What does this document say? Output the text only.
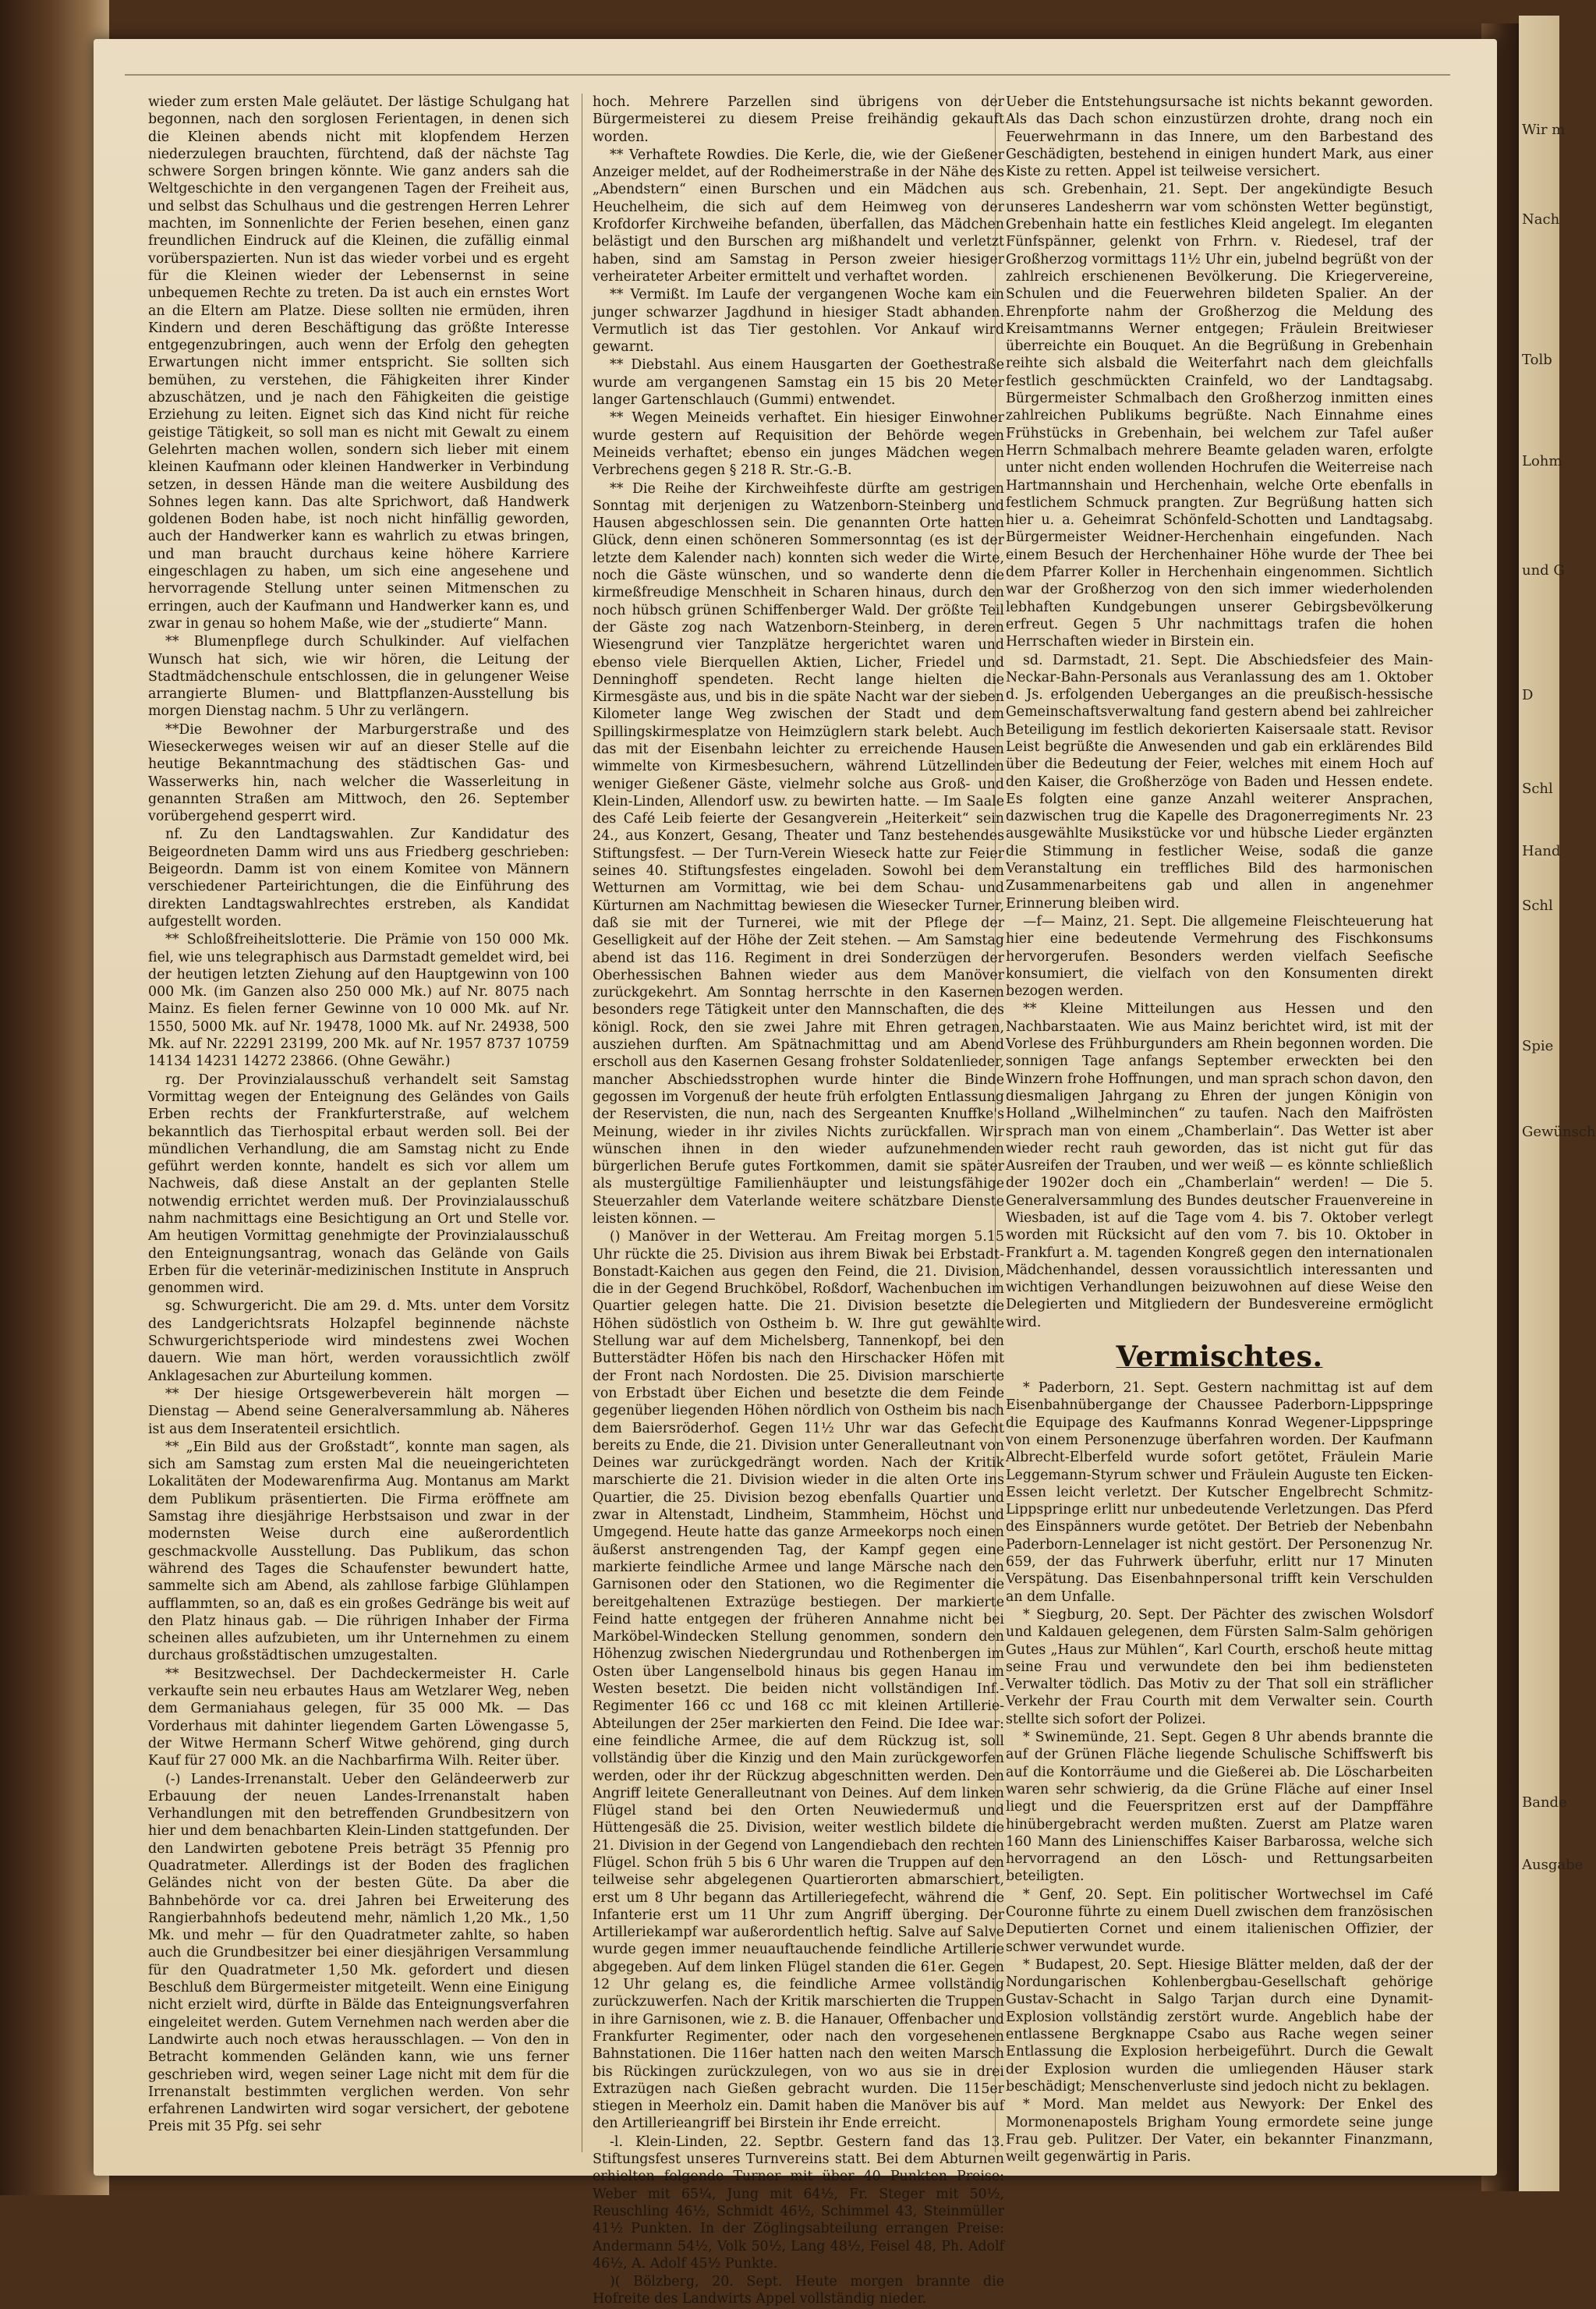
Wir m
Nach
Tolb
Lohm
und G
D
Schl
Hand
Schl
Spie
Gewünsch
Bande
Ausgabe

wieder zum ersten Male geläutet. Der lästige Schulgang hat begonnen, nach den sorglosen Ferientagen, in denen sich die Kleinen abends nicht mit klopfendem Herzen niederzulegen brauchten, fürchtend, daß der nächste Tag schwere Sorgen bringen könnte. Wie ganz anders sah die Weltgeschichte in den vergangenen Tagen der Freiheit aus, und selbst das Schulhaus und die gestrengen Herren Lehrer machten, im Sonnenlichte der Ferien besehen, einen ganz freundlichen Eindruck auf die Kleinen, die zufällig einmal vorüberspazierten. Nun ist das wieder vorbei und es ergeht für die Kleinen wieder der Lebensernst in seine unbequemen Rechte zu treten. Da ist auch ein ernstes Wort an die Eltern am Platze. Diese sollten nie ermüden, ihren Kindern und deren Beschäftigung das größte Interesse entgegenzubringen, auch wenn der Erfolg den gehegten Erwartungen nicht immer entspricht. Sie sollten sich bemühen, zu verstehen, die Fähigkeiten ihrer Kinder abzuschätzen, und je nach den Fähigkeiten die geistige Erziehung zu leiten. Eignet sich das Kind nicht für reiche geistige Tätigkeit, so soll man es nicht mit Gewalt zu einem Gelehrten machen wollen, sondern sich lieber mit einem kleinen Kaufmann oder kleinen Handwerker in Verbindung setzen, in dessen Hände man die weitere Ausbildung des Sohnes legen kann. Das alte Sprichwort, daß Handwerk goldenen Boden habe, ist noch nicht hinfällig geworden, auch der Handwerker kann es wahrlich zu etwas bringen, und man braucht durchaus keine höhere Karriere eingeschlagen zu haben, um sich eine angesehene und hervorragende Stellung unter seinen Mitmenschen zu erringen, auch der Kaufmann und Handwerker kann es, und zwar in genau so hohem Maße, wie der „studierte“ Mann.

** Blumenpflege durch Schulkinder. Auf vielfachen Wunsch hat sich, wie wir hören, die Leitung der Stadtmädchenschule entschlossen, die in gelungener Weise arrangierte Blumen- und Blattpflanzen-Ausstellung bis morgen Dienstag nachm. 5 Uhr zu verlängern.

**Die Bewohner der Marburgerstraße und des Wieseckerweges weisen wir auf an dieser Stelle auf die heutige Bekanntmachung des städtischen Gas- und Wasserwerks hin, nach welcher die Wasserleitung in genannten Straßen am Mittwoch, den 26. September vorübergehend gesperrt wird.

nf. Zu den Landtagswahlen. Zur Kandidatur des Beigeordneten Damm wird uns aus Friedberg geschrieben: Beigeordn. Damm ist von einem Komitee von Männern verschiedener Parteirichtungen, die die Einführung des direkten Landtagswahlrechtes erstreben, als Kandidat aufgestellt worden.

** Schloßfreiheitslotterie. Die Prämie von 150 000 Mk. fiel, wie uns telegraphisch aus Darmstadt gemeldet wird, bei der heutigen letzten Ziehung auf den Hauptgewinn von 100 000 Mk. (im Ganzen also 250 000 Mk.) auf Nr. 8075 nach Mainz. Es fielen ferner Gewinne von 10 000 Mk. auf Nr. 1550, 5000 Mk. auf Nr. 19478, 1000 Mk. auf Nr. 24938, 500 Mk. auf Nr. 22291 23199, 200 Mk. auf Nr. 1957 8737 10759 14134 14231 14272 23866. (Ohne Gewähr.)

rg. Der Provinzialausschuß verhandelt seit Samstag Vormittag wegen der Enteignung des Geländes von Gails Erben rechts der Frankfurterstraße, auf welchem bekanntlich das Tierhospital erbaut werden soll. Bei der mündlichen Verhandlung, die am Samstag nicht zu Ende geführt werden konnte, handelt es sich vor allem um Nachweis, daß diese Anstalt an der geplanten Stelle notwendig errichtet werden muß. Der Provinzialausschuß nahm nachmittags eine Besichtigung an Ort und Stelle vor. Am heutigen Vormittag genehmigte der Provinzialausschuß den Enteignungsantrag, wonach das Gelände von Gails Erben für die veterinär-medizinischen Institute in Anspruch genommen wird.

sg. Schwurgericht. Die am 29. d. Mts. unter dem Vorsitz des Landgerichtsrats Holzapfel beginnende nächste Schwurgerichtsperiode wird mindestens zwei Wochen dauern. Wie man hört, werden voraussichtlich zwölf Anklagesachen zur Aburteilung kommen.

** Der hiesige Ortsgewerbeverein hält morgen — Dienstag — Abend seine Generalversammlung ab. Näheres ist aus dem Inseratenteil ersichtlich.

** „Ein Bild aus der Großstadt“, konnte man sagen, als sich am Samstag zum ersten Mal die neueingerichteten Lokalitäten der Modewarenfirma Aug. Montanus am Markt dem Publikum präsentierten. Die Firma eröffnete am Samstag ihre diesjährige Herbstsaison und zwar in der modernsten Weise durch eine außerordentlich geschmackvolle Ausstellung. Das Publikum, das schon während des Tages die Schaufenster bewundert hatte, sammelte sich am Abend, als zahllose farbige Glühlampen aufflammten, so an, daß es ein großes Gedränge bis weit auf den Platz hinaus gab. — Die rührigen Inhaber der Firma scheinen alles aufzubieten, um ihr Unternehmen zu einem durchaus großstädtischen umzugestalten.

** Besitzwechsel. Der Dachdeckermeister H. Carle verkaufte sein neu erbautes Haus am Wetzlarer Weg, neben dem Germaniahaus gelegen, für 35 000 Mk. — Das Vorderhaus mit dahinter liegendem Garten Löwengasse 5, der Witwe Hermann Scherf Witwe gehörend, ging durch Kauf für 27 000 Mk. an die Nachbarfirma Wilh. Reiter über.

(-) Landes-Irrenanstalt. Ueber den Geländeerwerb zur Erbauung der neuen Landes-Irrenanstalt haben Verhandlungen mit den betreffenden Grundbesitzern von hier und dem benachbarten Klein-Linden stattgefunden. Der den Landwirten gebotene Preis beträgt 35 Pfennig pro Quadratmeter. Allerdings ist der Boden des fraglichen Geländes nicht von der besten Güte. Da aber die Bahnbehörde vor ca. drei Jahren bei Erweiterung des Rangierbahnhofs bedeutend mehr, nämlich 1,20 Mk., 1,50 Mk. und mehr — für den Quadratmeter zahlte, so haben auch die Grundbesitzer bei einer diesjährigen Versammlung für den Quadratmeter 1,50 Mk. gefordert und diesen Beschluß dem Bürgermeister mitgeteilt. Wenn eine Einigung nicht erzielt wird, dürfte in Bälde das Enteignungsverfahren eingeleitet werden. Gutem Vernehmen nach werden aber die Landwirte auch noch etwas herausschlagen. — Von den in Betracht kommenden Geländen kann, wie uns ferner geschrieben wird, wegen seiner Lage nicht mit dem für die Irrenanstalt bestimmten verglichen werden. Von sehr erfahrenen Landwirten wird sogar versichert, der gebotene Preis mit 35 Pfg. sei sehr

hoch. Mehrere Parzellen sind übrigens von der Bürgermeisterei zu diesem Preise freihändig gekauft worden.

** Verhaftete Rowdies. Die Kerle, die, wie der Gießener Anzeiger meldet, auf der Rodheimerstraße in der Nähe des „Abendstern“ einen Burschen und ein Mädchen aus Heuchelheim, die sich auf dem Heimweg von der Krofdorfer Kirchweihe befanden, überfallen, das Mädchen belästigt und den Burschen arg mißhandelt und verletzt haben, sind am Samstag in Person zweier hiesiger verheirateter Arbeiter ermittelt und verhaftet worden.

** Vermißt. Im Laufe der vergangenen Woche kam ein junger schwarzer Jagdhund in hiesiger Stadt abhanden. Vermutlich ist das Tier gestohlen. Vor Ankauf wird gewarnt.

** Diebstahl. Aus einem Hausgarten der Goethestraße wurde am vergangenen Samstag ein 15 bis 20 Meter langer Gartenschlauch (Gummi) entwendet.

** Wegen Meineids verhaftet. Ein hiesiger Einwohner wurde gestern auf Requisition der Behörde wegen Meineids verhaftet; ebenso ein junges Mädchen wegen Verbrechens gegen § 218 R. Str.-G.-B.

** Die Reihe der Kirchweihfeste dürfte am gestrigen Sonntag mit derjenigen zu Watzenborn-Steinberg und Hausen abgeschlossen sein. Die genannten Orte hatten Glück, denn einen schöneren Sommersonntag (es ist der letzte dem Kalender nach) konnten sich weder die Wirte, noch die Gäste wünschen, und so wanderte denn die kirmeßfreudige Menschheit in Scharen hinaus, durch den noch hübsch grünen Schiffenberger Wald. Der größte Teil der Gäste zog nach Watzenborn-Steinberg, in deren Wiesengrund vier Tanzplätze hergerichtet waren und ebenso viele Bierquellen Aktien, Licher, Friedel und Denninghoff spendeten. Recht lange hielten die Kirmesgäste aus, und bis in die späte Nacht war der sieben Kilometer lange Weg zwischen der Stadt und dem Spillingskirmesplatze von Heimzüglern stark belebt. Auch das mit der Eisenbahn leichter zu erreichende Hausen wimmelte von Kirmesbesuchern, während Lützellinden weniger Gießener Gäste, vielmehr solche aus Groß- und Klein-Linden, Allendorf usw. zu bewirten hatte. — Im Saale des Café Leib feierte der Gesangverein „Heiterkeit“ sein 24., aus Konzert, Gesang, Theater und Tanz bestehendes Stiftungsfest. — Der Turn-Verein Wieseck hatte zur Feier seines 40. Stiftungsfestes eingeladen. Sowohl bei dem Wetturnen am Vormittag, wie bei dem Schau- und Kürturnen am Nachmittag bewiesen die Wiesecker Turner, daß sie mit der Turnerei, wie mit der Pflege der Geselligkeit auf der Höhe der Zeit stehen. — Am Samstag abend ist das 116. Regiment in drei Sonderzügen der Oberhessischen Bahnen wieder aus dem Manöver zurückgekehrt. Am Sonntag herrschte in den Kasernen besonders rege Tätigkeit unter den Mannschaften, die des königl. Rock, den sie zwei Jahre mit Ehren getragen, ausziehen durften. Am Spätnachmittag und am Abend erscholl aus den Kasernen Gesang frohster Soldatenlieder, mancher Abschiedsstrophen wurde hinter die Binde gegossen im Vorgenuß der heute früh erfolgten Entlassung der Reservisten, die nun, nach des Sergeanten Knuffke's Meinung, wieder in ihr ziviles Nichts zurückfallen. Wir wünschen ihnen in den wieder aufzunehmenden bürgerlichen Berufe gutes Fortkommen, damit sie später als mustergültige Familienhäupter und leistungsfähige Steuerzahler dem Vaterlande weitere schätzbare Dienste leisten können. —

() Manöver in der Wetterau. Am Freitag morgen 5.15 Uhr rückte die 25. Division aus ihrem Biwak bei Erbstadt-Bonstadt-Kaichen aus gegen den Feind, die 21. Division, die in der Gegend Bruchköbel, Roßdorf, Wachenbuchen im Quartier gelegen hatte. Die 21. Division besetzte die Höhen südöstlich von Ostheim b. W. Ihre gut gewählte Stellung war auf dem Michelsberg, Tannenkopf, bei den Butterstädter Höfen bis nach den Hirschacker Höfen mit der Front nach Nordosten. Die 25. Division marschierte von Erbstadt über Eichen und besetzte die dem Feinde gegenüber liegenden Höhen nördlich von Ostheim bis nach dem Baiersröderhof. Gegen 11½ Uhr war das Gefecht bereits zu Ende, die 21. Division unter Generalleutnant von Deines war zurückgedrängt worden. Nach der Kritik marschierte die 21. Division wieder in die alten Orte ins Quartier, die 25. Division bezog ebenfalls Quartier und zwar in Altenstadt, Lindheim, Stammheim, Höchst und Umgegend. Heute hatte das ganze Armeekorps noch einen äußerst anstrengenden Tag, der Kampf gegen eine markierte feindliche Armee und lange Märsche nach den Garnisonen oder den Stationen, wo die Regimenter die bereitgehaltenen Extrazüge bestiegen. Der markierte Feind hatte entgegen der früheren Annahme nicht bei Marköbel-Windecken Stellung genommen, sondern den Höhenzug zwischen Niedergrundau und Rothenbergen im Osten über Langenselbold hinaus bis gegen Hanau im Westen besetzt. Die beiden nicht vollständigen Inf.-Regimenter 166 cc und 168 cc mit kleinen Artillerie-Abteilungen der 25er markierten den Feind. Die Idee war: eine feindliche Armee, die auf dem Rückzug ist, soll vollständig über die Kinzig und den Main zurückgeworfen werden, oder ihr der Rückzug abgeschnitten werden. Den Angriff leitete Generalleutnant von Deines. Auf dem linken Flügel stand bei den Orten Neuwiedermuß und Hüttengesäß die 25. Division, weiter westlich bildete die 21. Division in der Gegend von Langendiebach den rechten Flügel. Schon früh 5 bis 6 Uhr waren die Truppen auf den teilweise sehr abgelegenen Quartierorten abmarschiert, erst um 8 Uhr begann das Artilleriegefecht, während die Infanterie erst um 11 Uhr zum Angriff überging. Der Artilleriekampf war außerordentlich heftig. Salve auf Salve wurde gegen immer neuauftauchende feindliche Artillerie abgegeben. Auf dem linken Flügel standen die 61er. Gegen 12 Uhr gelang es, die feindliche Armee vollständig zurückzuwerfen. Nach der Kritik marschierten die Truppen in ihre Garnisonen, wie z. B. die Hanauer, Offenbacher und Frankfurter Regimenter, oder nach den vorgesehenen Bahnstationen. Die 116er hatten nach den weiten Marsch bis Rückingen zurückzulegen, von wo aus sie in drei Extrazügen nach Gießen gebracht wurden. Die 115er stiegen in Meerholz ein. Damit haben die Manöver bis auf den Artillerieangriff bei Birstein ihr Ende erreicht.

-l. Klein-Linden, 22. Septbr. Gestern fand das 13. Stiftungsfest unseres Turnvereins statt. Bei dem Abturnen erhielten folgende Turner mit über 40 Punkten Preise: Weber mit 65¼, Jung mit 64½, Fr. Steger mit 50½, Reuschling 46½, Schmidt 46½, Schimmel 43, Steinmüller 41½ Punkten. In der Zöglingsabteilung errangen Preise: Andermann 54½, Volk 50½, Lang 48½, Feisel 48, Ph. Adolf 46½, A. Adolf 45½ Punkte.

)( Bölzberg, 20. Sept. Heute morgen brannte die Hofreite des Landwirts Appel vollständig nieder.

Ueber die Entstehungsursache ist nichts bekannt geworden. Als das Dach schon einzustürzen drohte, drang noch ein Feuerwehrmann in das Innere, um den Barbestand des Geschädigten, bestehend in einigen hundert Mark, aus einer Kiste zu retten. Appel ist teilweise versichert.

sch. Grebenhain, 21. Sept. Der angekündigte Besuch unseres Landesherrn war vom schönsten Wetter begünstigt, Grebenhain hatte ein festliches Kleid angelegt. Im eleganten Fünfspänner, gelenkt von Frhrn. v. Riedesel, traf der Großherzog vormittags 11½ Uhr ein, jubelnd begrüßt von der zahlreich erschienenen Bevölkerung. Die Kriegervereine, Schulen und die Feuerwehren bildeten Spalier. An der Ehrenpforte nahm der Großherzog die Meldung des Kreisamtmanns Werner entgegen; Fräulein Breitwieser überreichte ein Bouquet. An die Begrüßung in Grebenhain reihte sich alsbald die Weiterfahrt nach dem gleichfalls festlich geschmückten Crainfeld, wo der Landtagsabg. Bürgermeister Schmalbach den Großherzog inmitten eines zahlreichen Publikums begrüßte. Nach Einnahme eines Frühstücks in Grebenhain, bei welchem zur Tafel außer Herrn Schmalbach mehrere Beamte geladen waren, erfolgte unter nicht enden wollenden Hochrufen die Weiterreise nach Hartmannshain und Herchenhain, welche Orte ebenfalls in festlichem Schmuck prangten. Zur Begrüßung hatten sich hier u. a. Geheimrat Schönfeld-Schotten und Landtagsabg. Bürgermeister Weidner-Herchenhain eingefunden. Nach einem Besuch der Herchenhainer Höhe wurde der Thee bei dem Pfarrer Koller in Herchenhain eingenommen. Sichtlich war der Großherzog von den sich immer wiederholenden lebhaften Kundgebungen unserer Gebirgsbevölkerung erfreut. Gegen 5 Uhr nachmittags trafen die hohen Herrschaften wieder in Birstein ein.

sd. Darmstadt, 21. Sept. Die Abschiedsfeier des Main-Neckar-Bahn-Personals aus Veranlassung des am 1. Oktober d. Js. erfolgenden Ueberganges an die preußisch-hessische Gemeinschaftsverwaltung fand gestern abend bei zahlreicher Beteiligung im festlich dekorierten Kaisersaale statt. Revisor Leist begrüßte die Anwesenden und gab ein erklärendes Bild über die Bedeutung der Feier, welches mit einem Hoch auf den Kaiser, die Großherzöge von Baden und Hessen endete. Es folgten eine ganze Anzahl weiterer Ansprachen, dazwischen trug die Kapelle des Dragonerregiments Nr. 23 ausgewählte Musikstücke vor und hübsche Lieder ergänzten die Stimmung in festlicher Weise, sodaß die ganze Veranstaltung ein treffliches Bild des harmonischen Zusammenarbeitens gab und allen in angenehmer Erinnerung bleiben wird.

—f— Mainz, 21. Sept. Die allgemeine Fleischteuerung hat hier eine bedeutende Vermehrung des Fischkonsums hervorgerufen. Besonders werden vielfach Seefische konsumiert, die vielfach von den Konsumenten direkt bezogen werden.

** Kleine Mitteilungen aus Hessen und den Nachbarstaaten. Wie aus Mainz berichtet wird, ist mit der Vorlese des Frühburgunders am Rhein begonnen worden. Die sonnigen Tage anfangs September erweckten bei den Winzern frohe Hoffnungen, und man sprach schon davon, den diesmaligen Jahrgang zu Ehren der jungen Königin von Holland „Wilhelminchen“ zu taufen. Nach den Maifrösten sprach man von einem „Chamberlain“. Das Wetter ist aber wieder recht rauh geworden, das ist nicht gut für das Ausreifen der Trauben, und wer weiß — es könnte schließlich der 1902er doch ein „Chamberlain“ werden! — Die 5. Generalversammlung des Bundes deutscher Frauenvereine in Wiesbaden, ist auf die Tage vom 4. bis 7. Oktober verlegt worden mit Rücksicht auf den vom 7. bis 10. Oktober in Frankfurt a. M. tagenden Kongreß gegen den internationalen Mädchenhandel, dessen voraussichtlich interessanten und wichtigen Verhandlungen beizuwohnen auf diese Weise den Delegierten und Mitgliedern der Bundesvereine ermöglicht wird.

Vermischtes.

* Paderborn, 21. Sept. Gestern nachmittag ist auf dem Eisenbahnübergange der Chaussee Paderborn-Lippspringe die Equipage des Kaufmanns Konrad Wegener-Lippspringe von einem Personenzuge überfahren worden. Der Kaufmann Albrecht-Elberfeld wurde sofort getötet, Fräulein Marie Leggemann-Styrum schwer und Fräulein Auguste ten Eicken-Essen leicht verletzt. Der Kutscher Engelbrecht Schmitz-Lippspringe erlitt nur unbedeutende Verletzungen. Das Pferd des Einspänners wurde getötet. Der Betrieb der Nebenbahn Paderborn-Lennelager ist nicht gestört. Der Personenzug Nr. 659, der das Fuhrwerk überfuhr, erlitt nur 17 Minuten Verspätung. Das Eisenbahnpersonal trifft kein Verschulden an dem Unfalle.

* Siegburg, 20. Sept. Der Pächter des zwischen Wolsdorf und Kaldauen gelegenen, dem Fürsten Salm-Salm gehörigen Gutes „Haus zur Mühlen“, Karl Courth, erschoß heute mittag seine Frau und verwundete den bei ihm bediensteten Verwalter tödlich. Das Motiv zu der That soll ein sträflicher Verkehr der Frau Courth mit dem Verwalter sein. Courth stellte sich sofort der Polizei.

* Swinemünde, 21. Sept. Gegen 8 Uhr abends brannte die auf der Grünen Fläche liegende Schulische Schiffswerft bis auf die Kontorräume und die Gießerei ab. Die Löscharbeiten waren sehr schwierig, da die Grüne Fläche auf einer Insel liegt und die Feuerspritzen erst auf der Dampffähre hinübergebracht werden mußten. Zuerst am Platze waren 160 Mann des Linienschiffes Kaiser Barbarossa, welche sich hervorragend an den Lösch- und Rettungsarbeiten beteiligten.

* Genf, 20. Sept. Ein politischer Wortwechsel im Café Couronne führte zu einem Duell zwischen dem französischen Deputierten Cornet und einem italienischen Offizier, der schwer verwundet wurde.

* Budapest, 20. Sept. Hiesige Blätter melden, daß der der Nordungarischen Kohlenbergbau-Gesellschaft gehörige Gustav-Schacht in Salgo Tarjan durch eine Dynamit-Explosion vollständig zerstört wurde. Angeblich habe der entlassene Bergknappe Csabo aus Rache wegen seiner Entlassung die Explosion herbeigeführt. Durch die Gewalt der Explosion wurden die umliegenden Häuser stark beschädigt; Menschenverluste sind jedoch nicht zu beklagen.

* Mord. Man meldet aus Newyork: Der Enkel des Mormonenapostels Brigham Young ermordete seine junge Frau geb. Pulitzer. Der Vater, ein bekannter Finanzmann, weilt gegenwärtig in Paris.
